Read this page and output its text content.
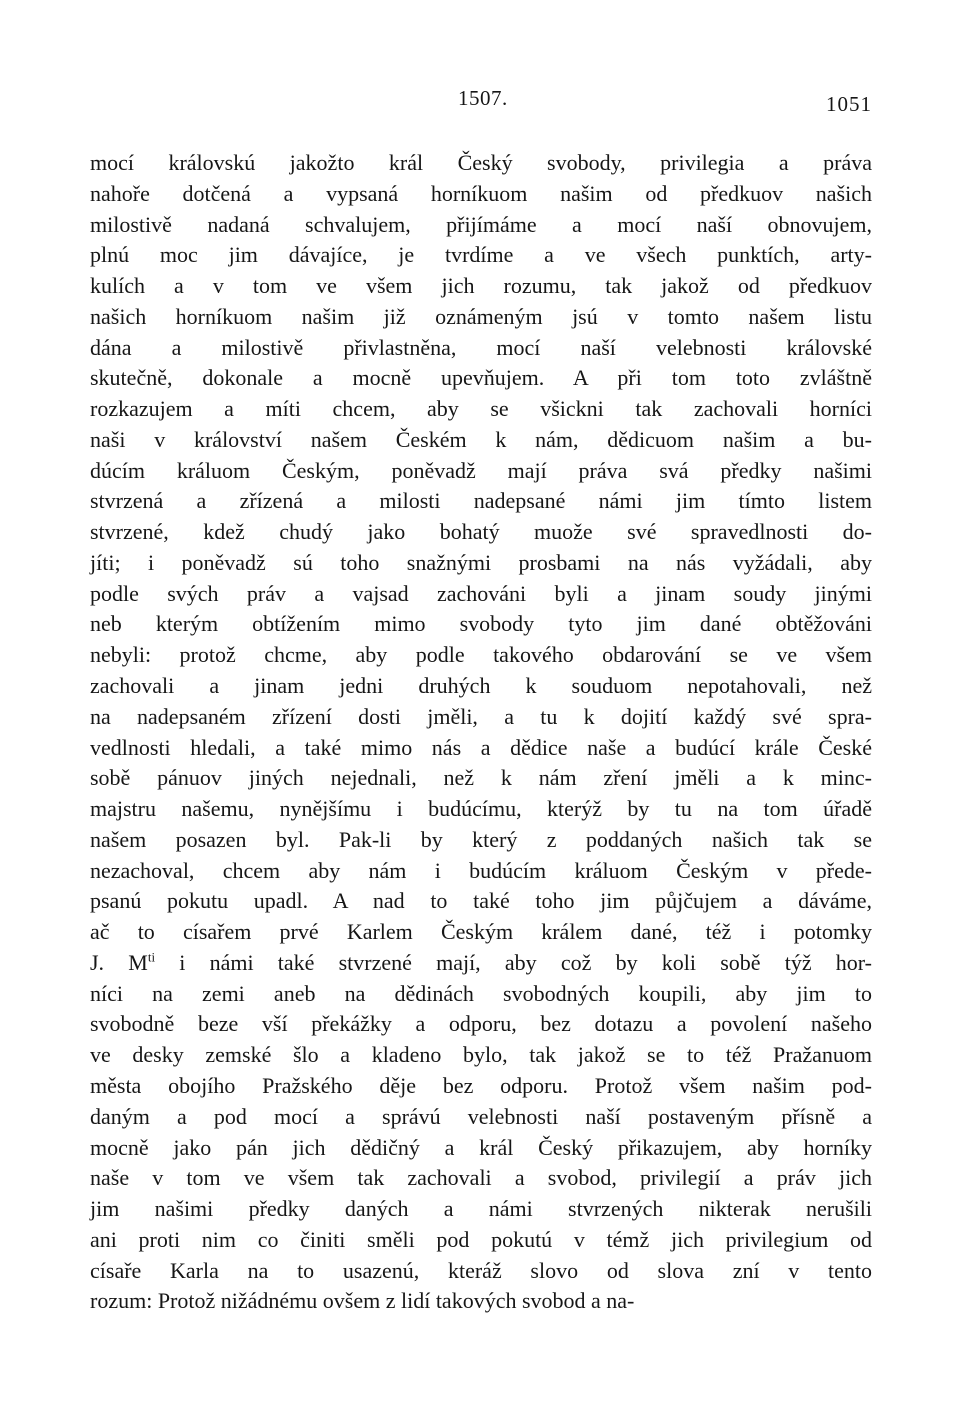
1507.	1051
mocí královskú jakožto král Český svobody, privilegia a práva
nahoře dotčená a vypsaná horníkuom našim od předkuov našich
milostivě nadaná schvalujem, přijímáme a mocí naší obnovujem,
plnú moc jim dávajíce, je tvrdíme a ve všech punktích, arty-
kulích a v tom ve všem jich rozumu, tak jakož od předkuov
našich horníkuom našim již oznámeným jsú v tomto našem listu
dána a milostivě přivlastněna, mocí naší velebnosti královské
skutečně, dokonale a mocně upevňujem. A při tom toto zvláštně
rozkazujem a míti chcem, aby se všickni tak zachovali horníci
naši v království našem Českém k nám, dědicuom našim a bu-
dúcím králuom Českým, poněvadž mají práva svá předky našimi
stvrzená a zřízená a milosti nadepsané námi jim tímto listem
stvrzené, kdež chudý jako bohatý muože své spravedlnosti do-
jíti; i poněvadž sú toho snažnými prosbami na nás vyžádali, aby
podle svých práv a vajsad zachováni byli a jinam soudy jinými
neb kterým obtížením mimo svobody tyto jim dané obtěžováni
nebyli: protož chcme, aby podle takového obdarování se ve všem
zachovali a jinam jedni druhých k souduom nepotahovali, než
na nadepsaném zřízení dosti jměli, a tu k dojití každý své spra-
vedlnosti hledali, a také mimo nás a dědice naše a budúcí krále České
sobě pánuov jiných nejednali, než k nám zření jměli a k minc-
majstru našemu, nynějšímu i budúcímu, kterýž by tu na tom úřadě
našem posazen byl. Pak-li by který z poddaných našich tak se
nezachoval, chcem aby nám i budúcím králuom Českým v přede-
psanú pokutu upadl. A nad to také toho jim půjčujem a dáváme,
ač to císařem prvé Karlem Českým králem dané, též i potomky
J. $M^{ti}$ i námi také stvrzené mají, aby což by koli sobě týž hor-
níci na zemi aneb na dědinách svobodných koupili, aby jim to
svobodně beze vší překážky a odporu, bez dotazu a povolení našeho
ve desky zemské šlo a kladeno bylo, tak jakož se to též Pražanuom
města obojího Pražského děje bez odporu. Protož všem našim pod-
daným a pod mocí a správú velebnosti naší postaveným přísně a
mocně jako pán jich dědičný a král Český přikazujem, aby horníky
naše v tom ve všem tak zachovali a svobod, privilegií a práv jich
jim našimi předky daných a námi stvrzených nikterak nerušili
ani proti nim co činiti směli pod pokutú v témž jich privilegium od
císaře Karla na to usazenú, kteráž slovo od slova zní v tento
rozum: Protož nižádnému ovšem z lidí takových svobod a na-
